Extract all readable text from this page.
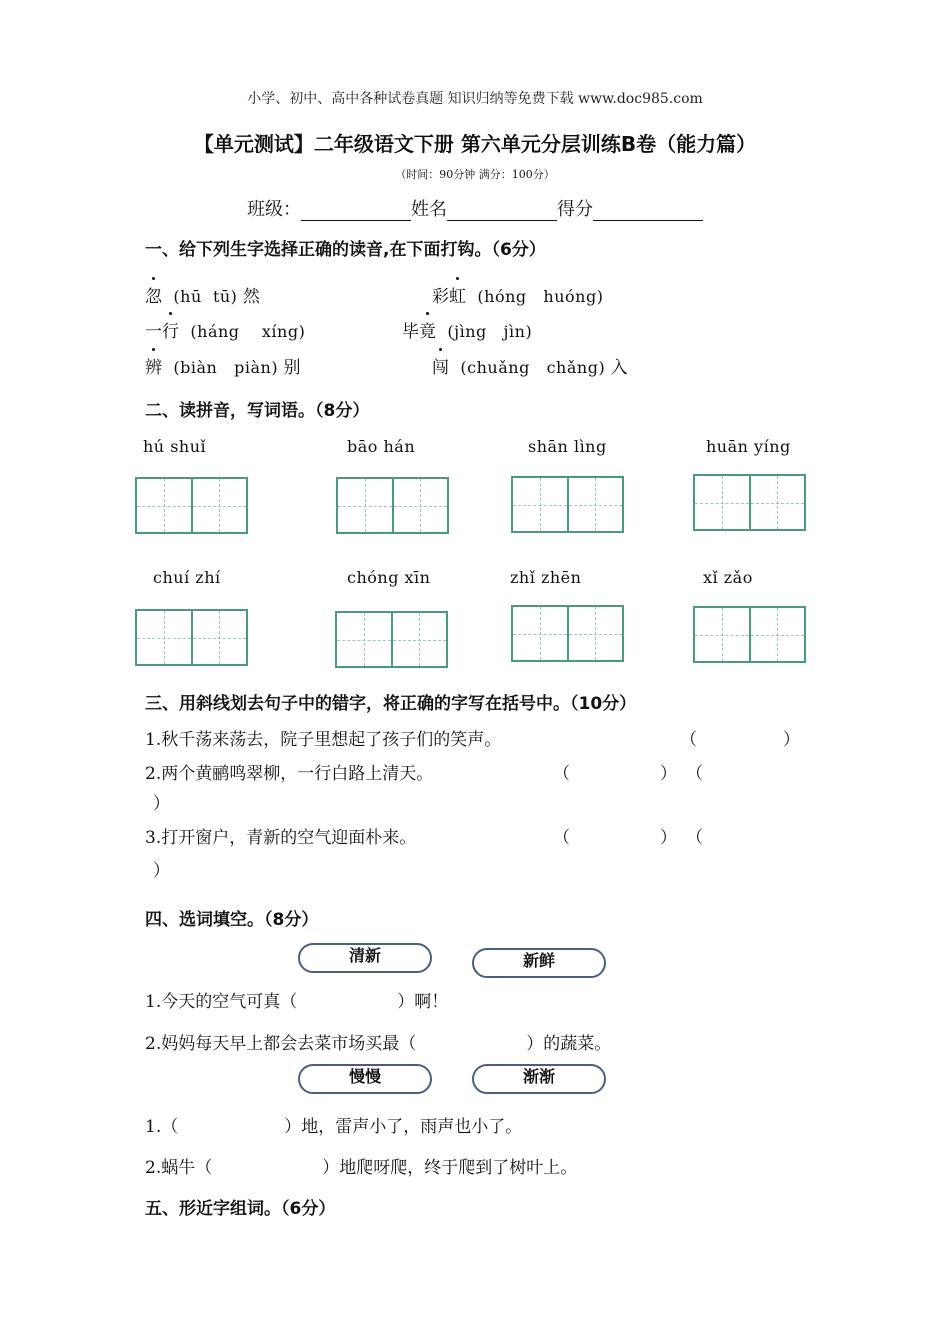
小学、初中、高中各种试卷真题 知识归纳等免费下载 www.doc985.com
【单元测试】二年级语文下册 第六单元分层训练B卷（能力篇）
（时间：90分钟 满分：100分）
班级：	姓名	得分
一、给下列生字选择正确的读音,在下面打钩。（6分）
忽 (hū tū) 然	彩虹 (hóng huóng)
一行 (háng xíng)	毕竟 (jìng jìn)
辨 (biàn piàn) 别	闯 (chuǎng chǎng) 入
二、读拼音，写词语。（8分）
hú shuǐ	bāo hán	shān lìng	huān yíng
chuí zhí	chóng xīn	zhǐ zhēn	xǐ zǎo
三、用斜线划去句子中的错字，将正确的字写在括号中。（10分）
1.秋千荡来荡去，院子里想起了孩子们的笑声。	（	）
2.两个黄鹂鸣翠柳，一行白路上清天。	（	） （
）
3.打开窗户，青新的空气迎面朴来。	（	） （
）
四、选词填空。（8分）
清新	新鲜
1.今天的空气可真（	）啊！
2.妈妈每天早上都会去菜市场买最（	）的蔬菜。
慢慢	渐渐
1.（	）地，雷声小了，雨声也小了。
2.蜗牛（	）地爬呀爬，终于爬到了树叶上。
五、形近字组词。（6分）
